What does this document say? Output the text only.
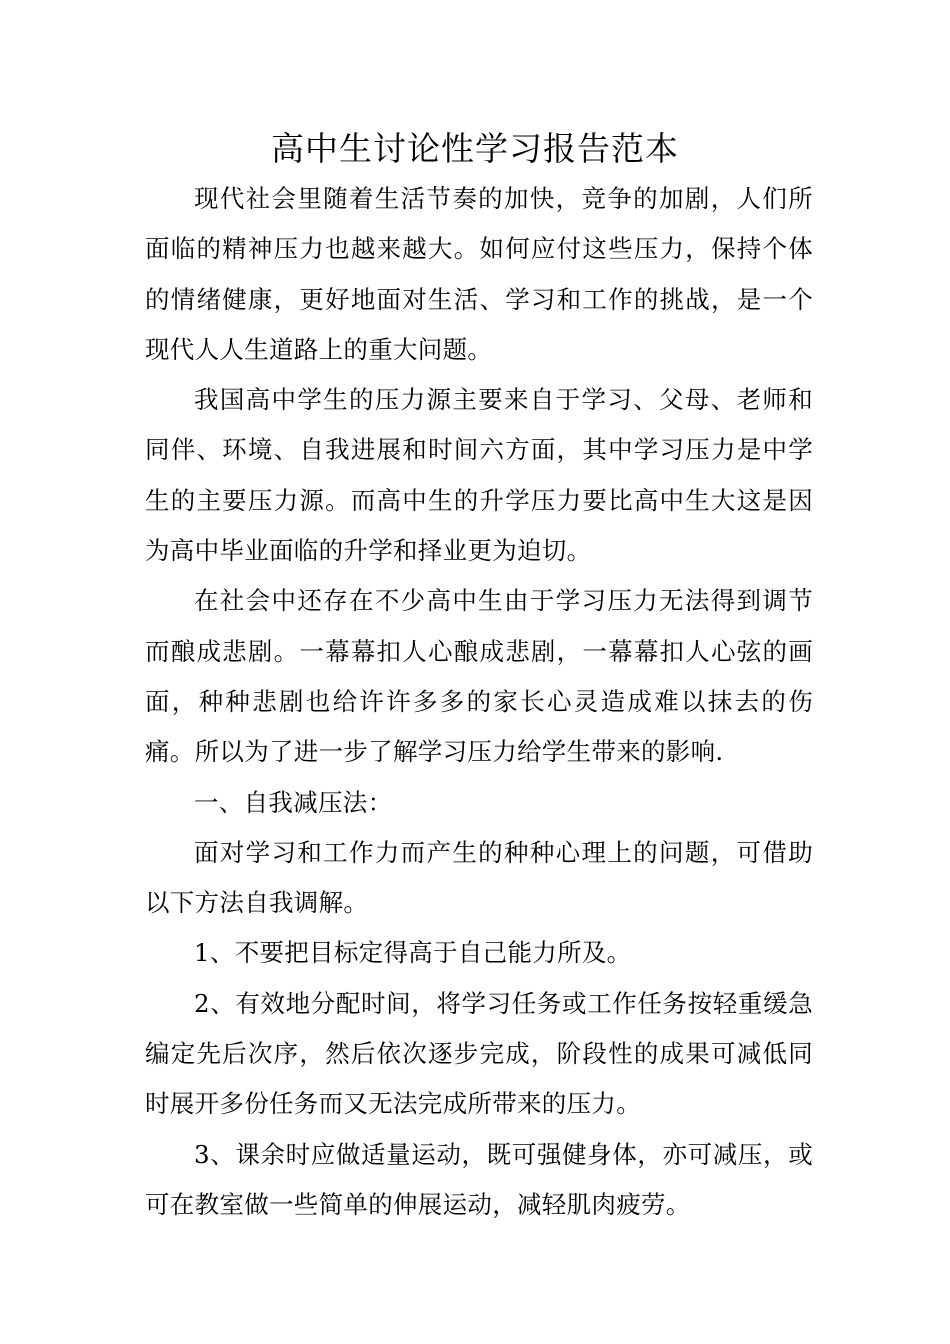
高中生讨论性学习报告范本

现代社会里随着生活节奏的加快，竞争的加剧，人们所面临的精神压力也越来越大。如何应付这些压力，保持个体的情绪健康，更好地面对生活、学习和工作的挑战，是一个现代人人生道路上的重大问题。

我国高中学生的压力源主要来自于学习、父母、老师和同伴、环境、自我进展和时间六方面，其中学习压力是中学生的主要压力源。而高中生的升学压力要比高中生大这是因为高中毕业面临的升学和择业更为迫切。

在社会中还存在不少高中生由于学习压力无法得到调节而酿成悲剧。一幕幕扣人心酿成悲剧，一幕幕扣人心弦的画面，种种悲剧也给许许多多的家长心灵造成难以抹去的伤痛。所以为了进一步了解学习压力给学生带来的影响.

一、自我减压法：

面对学习和工作力而产生的种种心理上的问题，可借助以下方法自我调解。

1、不要把目标定得高于自己能力所及。

2、有效地分配时间，将学习任务或工作任务按轻重缓急编定先后次序，然后依次逐步完成，阶段性的成果可减低同时展开多份任务而又无法完成所带来的压力。

3、课余时应做适量运动，既可强健身体，亦可减压，或可在教室做一些简单的伸展运动，减轻肌肉疲劳。
